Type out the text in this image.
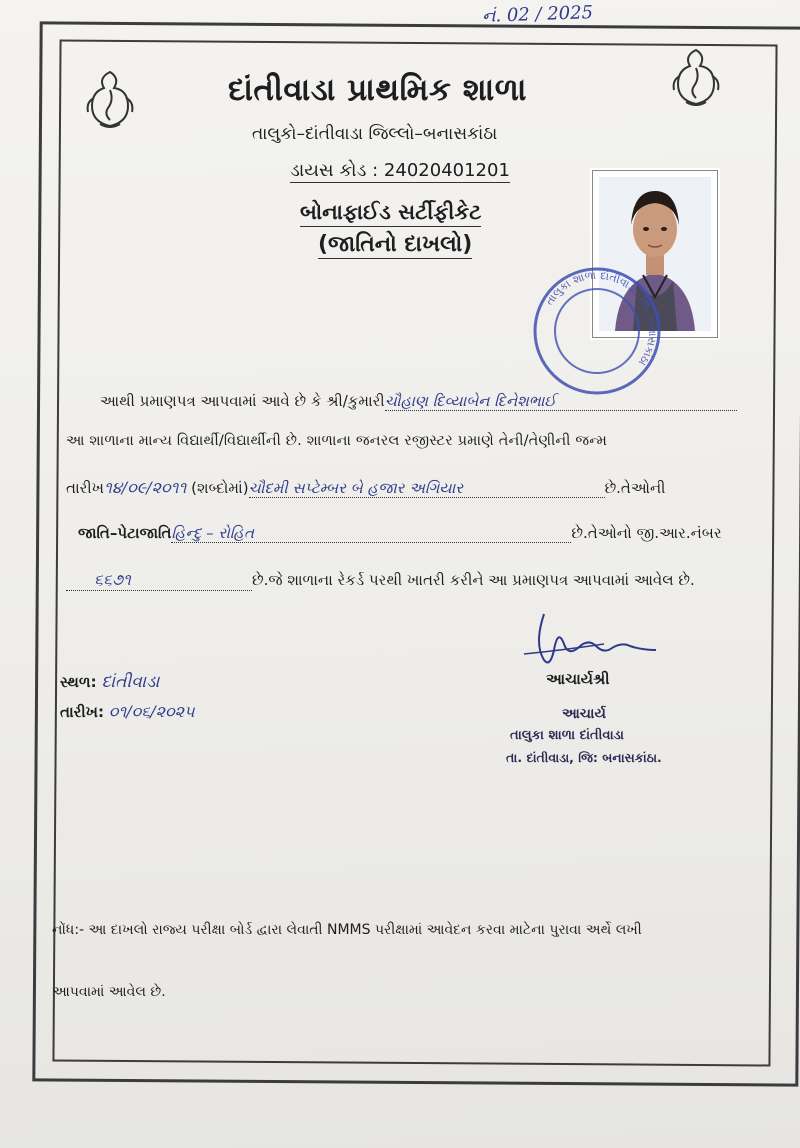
નં. 02 / 2025
દાંતીવાડા પ્રાથમિક શાળા
તાલુકો–દાંતીવાડા જિલ્લો–બનાસકાંઠા
ડાયસ કોડ : 24020401201
બોનાફાઈડ સર્ટીફીકેટ
(જાતિનો દાખલો)
તાલુકા શાળા દાંતીવાડા, જિ. બનાસકાંઠા
આથી પ્રમાણપત્ર આપવામાં આવે છે કે શ્રી/કુમારીચૌહાણ દિવ્યાબેન દિનેશભાઈ
આ શાળાના માન્ય વિદ્યાર્થી/વિદ્યાર્થીની છે. શાળાના જનરલ રજીસ્ટર પ્રમાણે તેની/તેણીની જન્મ
તારીખ૧૪/૦૯/૨૦૧૧ (શબ્દોમાં)ચૌદમી સપ્ટેમ્બર બે હજાર અગિયાર	છે.તેઓની
જાતિ–પેટાજાતિહિન્દુ – રોહિત	છે.તેઓનો જી.આર.નંબર
૬૬૭૧	છે.જે શાળાના રેકર્ડ પરથી ખાતરી કરીને આ પ્રમાણપત્ર આપવામાં આવેલ છે.
આચાર્યશ્રી
સ્થળ: દાંતીવાડા
તારીખ: ૦૧/૦૬/૨૦૨૫	આચાર્ય
તાલુકા શાળા દાંતીવાડા
તા. દાંતીવાડા, જિ: બનાસકાંઠા.
નોંધ:- આ દાખલો રાજ્ય પરીક્ષા બોર્ડ દ્વારા લેવાતી NMMS પરીક્ષામાં આવેદન કરવા માટેના પુરાવા અર્થે લખી
આપવામાં આવેલ છે.
